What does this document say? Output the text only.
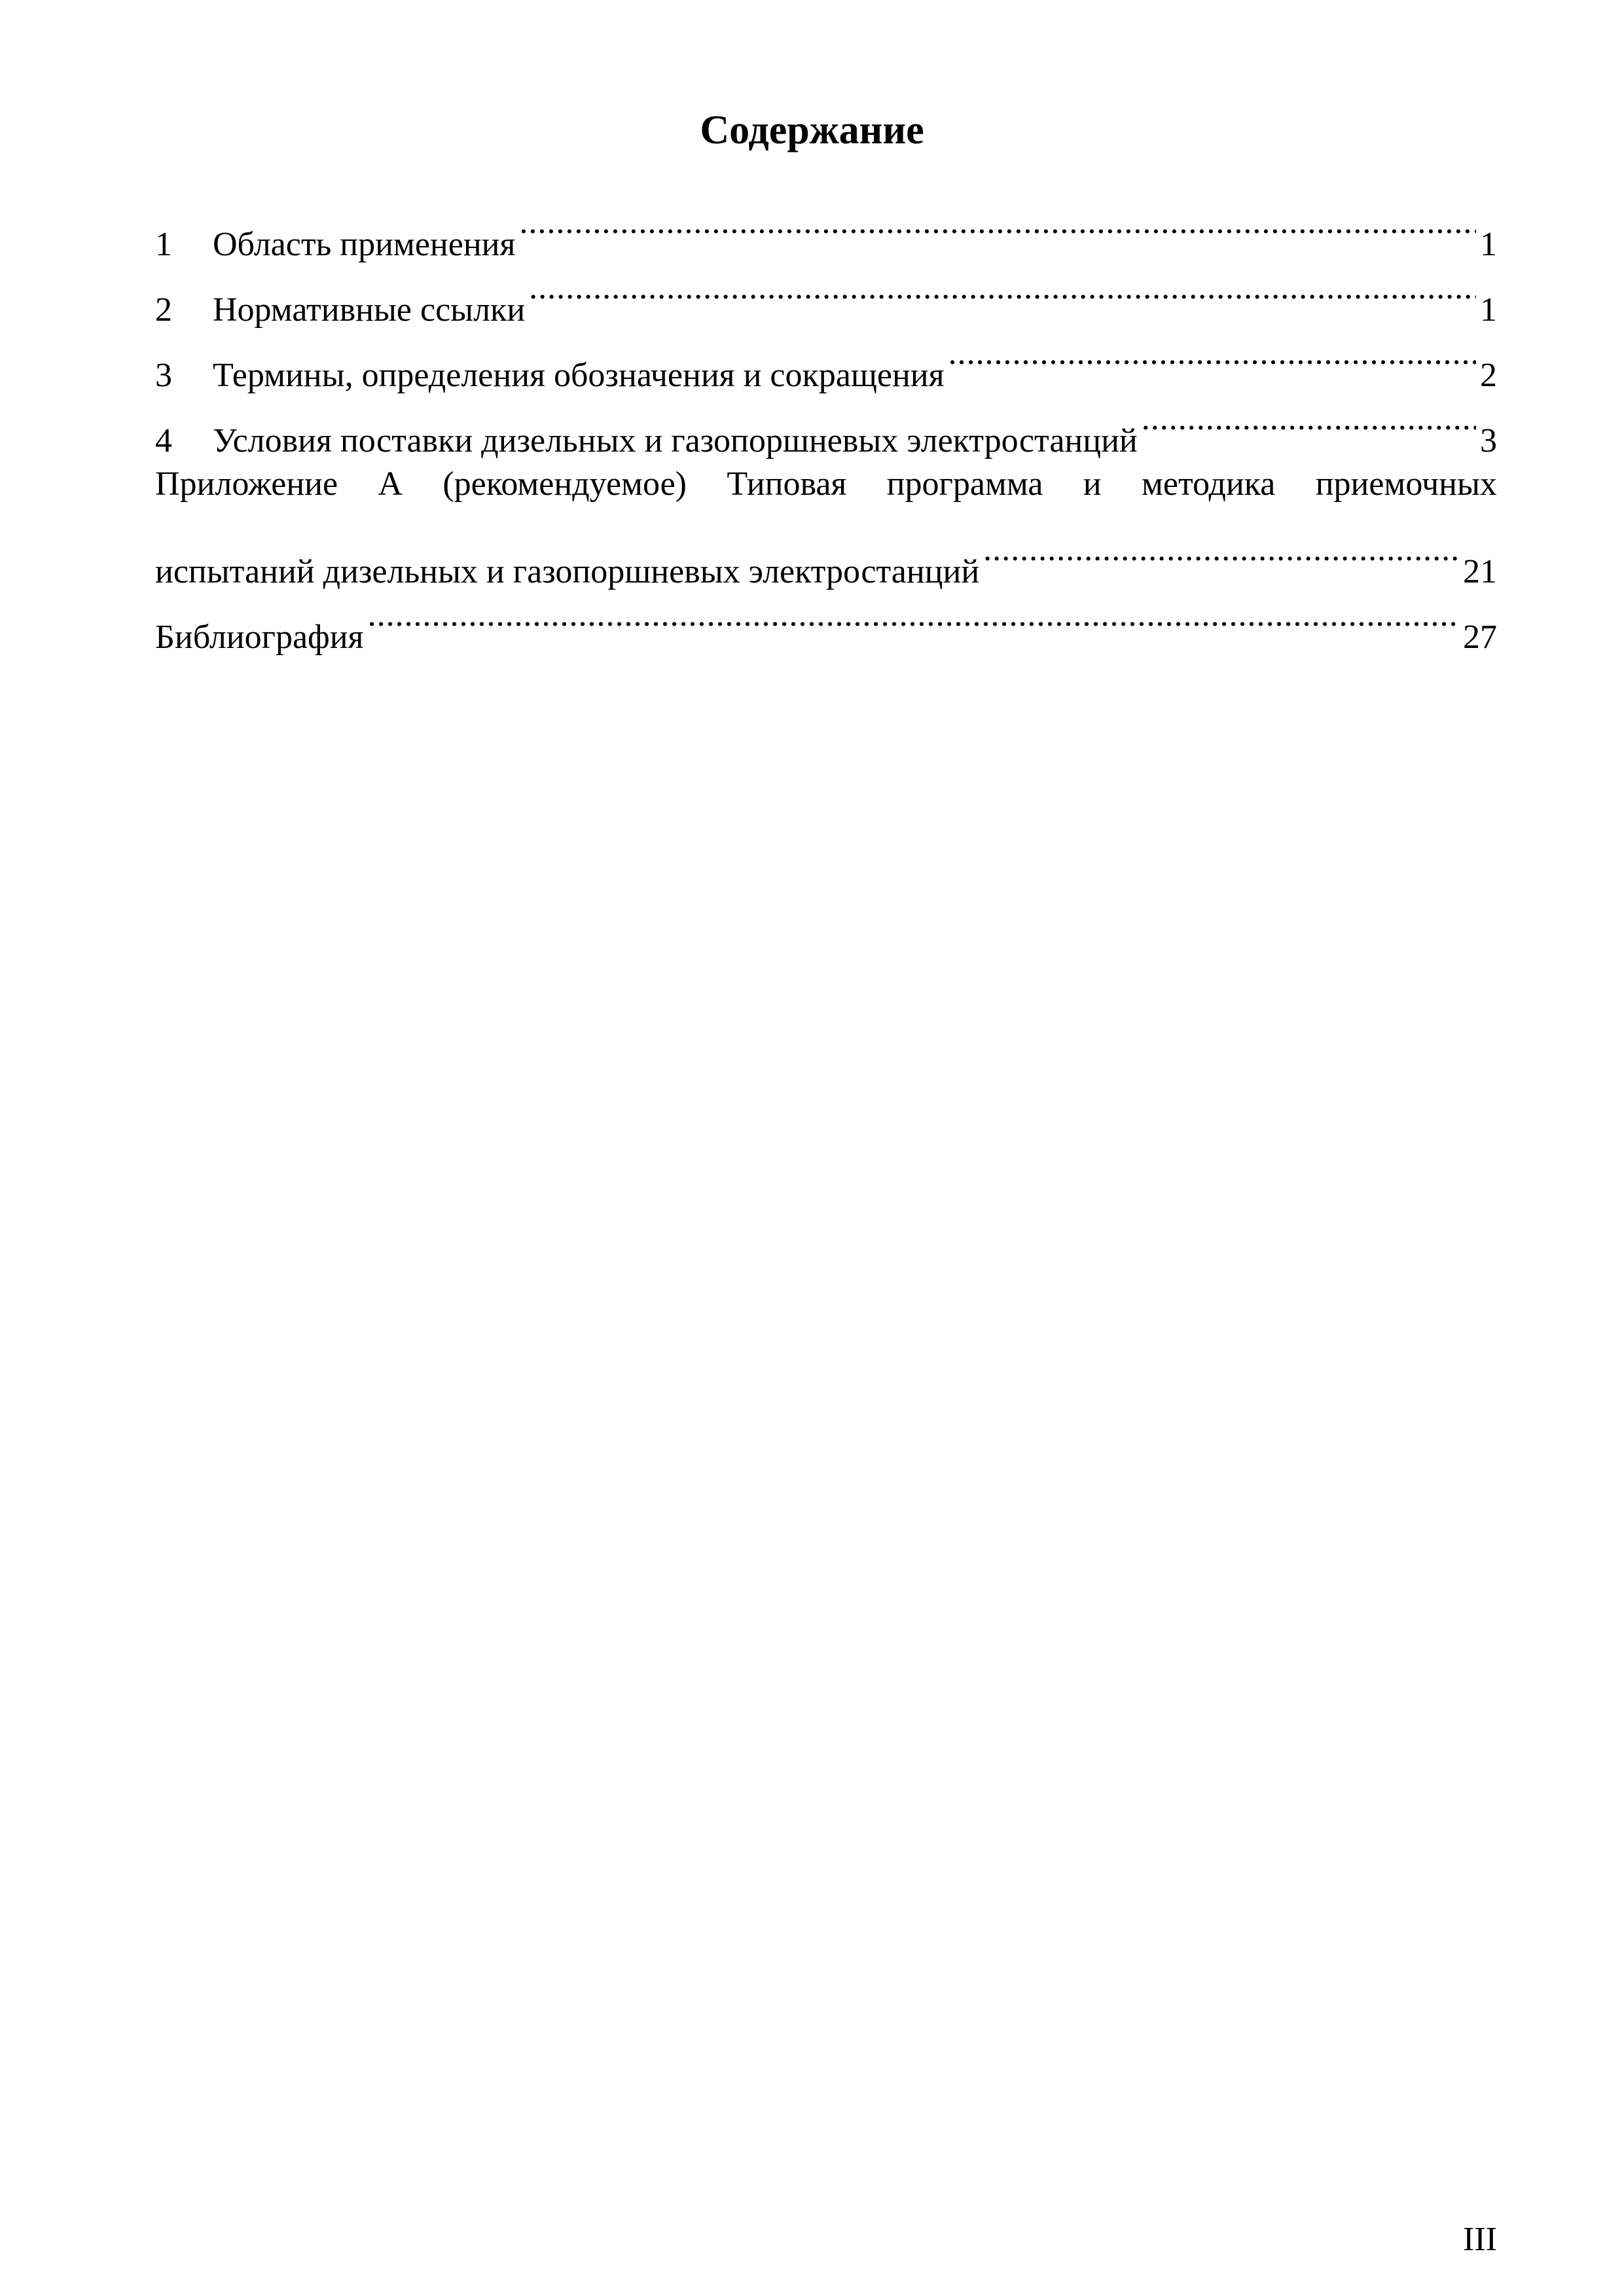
Содержание
1	Область применения .....	1
2	Нормативные ссылки .....	1
3	Термины, определения обозначения и сокращения .....	2
4	Условия поставки дизельных и газопоршневых электростанций .....	3
Приложение А (рекомендуемое) Типовая программа и методика приемочных
испытаний дизельных и газопоршневых электростанций .....	21
Библиография .....	27
III
